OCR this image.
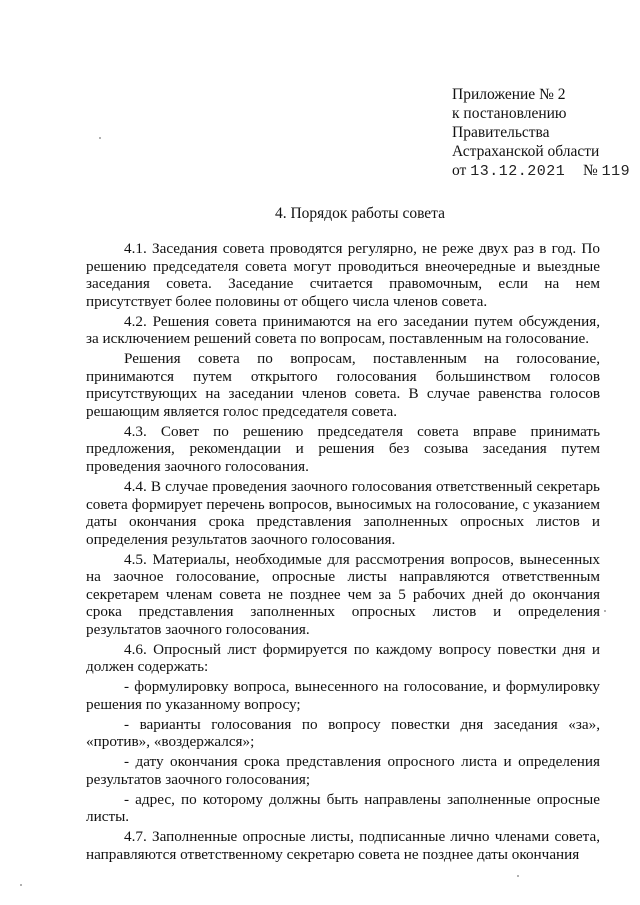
Приложение № 2
к постановлению
Правительства
Астраханской области
от 13.12.2021 № 119
4. Порядок работы совета

4.1. Заседания совета проводятся регулярно, не реже двух раз в год. По решению председателя совета могут проводиться внеочередные и выездные заседания совета. Заседание считается правомочным, если на нем присутствует более половины от общего числа членов совета.

4.2. Решения совета принимаются на его заседании путем обсуждения, за исключением решений совета по вопросам, поставленным на голосование.

Решения совета по вопросам, поставленным на голосование, принимаются путем открытого голосования большинством голосов присутствующих на заседании членов совета. В случае равенства голосов решающим является голос председателя совета.

4.3. Совет по решению председателя совета вправе принимать предложения, рекомендации и решения без созыва заседания путем проведения заочного голосования.

4.4. В случае проведения заочного голосования ответственный секретарь совета формирует перечень вопросов, выносимых на голосование, с указанием даты окончания срока представления заполненных опросных листов и определения результатов заочного голосования.

4.5. Материалы, необходимые для рассмотрения вопросов, вынесенных на заочное голосование, опросные листы направляются ответственным секретарем членам совета не позднее чем за 5 рабочих дней до окончания срока представления заполненных опросных листов и определения результатов заочного голосования.

4.6. Опросный лист формируется по каждому вопросу повестки дня и должен содержать:

- формулировку вопроса, вынесенного на голосование, и формулировку решения по указанному вопросу;

- варианты голосования по вопросу повестки дня заседания «за», «против», «воздержался»;

- дату окончания срока представления опросного листа и определения результатов заочного голосования;

- адрес, по которому должны быть направлены заполненные опросные листы.

4.7. Заполненные опросные листы, подписанные лично членами совета, направляются ответственному секретарю совета не позднее даты окончания
